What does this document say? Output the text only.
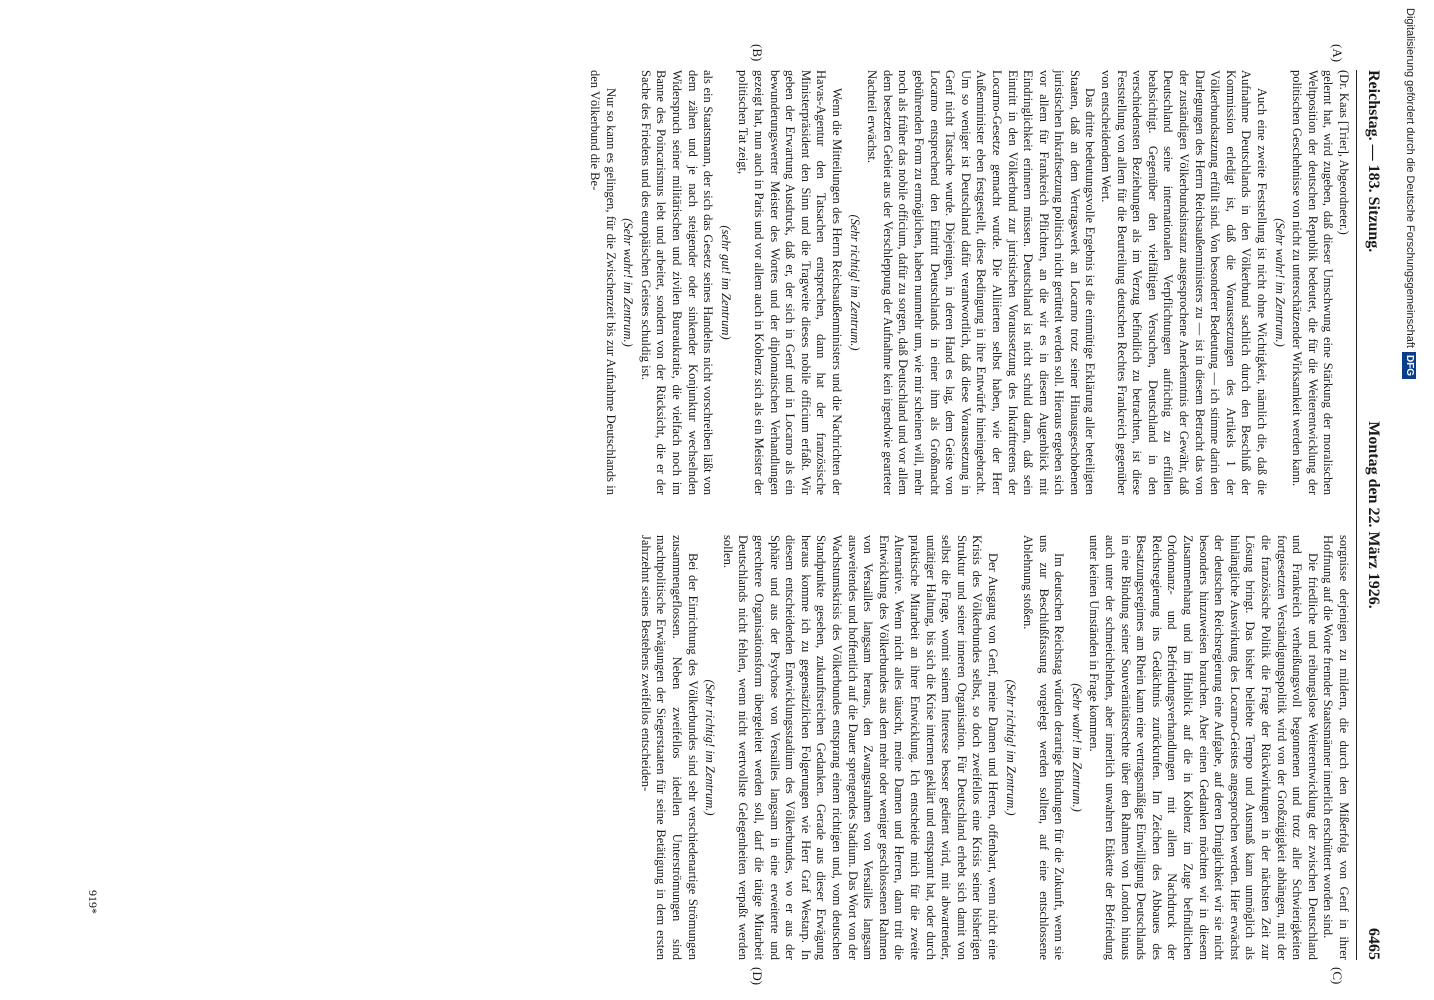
Reichstag. — 183. Sitzung.
Montag den 22. März 1926.
6465
(A)
(B)
(C)
(D)

(Dr. Kaas [Trier], Abgeordneter.)

gelernt hat, wird zugeben, daß dieser Umschwung eine Stärkung der moralischen Weltposition der deutschen Republik bedeutet, die für die Weiterentwicklung der politischen Geschehnisse von nicht zu unterschätzender Wirksamkeit werden kann.

(Sehr wahr! im Zentrum.)

Auch eine zweite Feststellung ist nicht ohne Wichtigkeit, nämlich die, daß die Aufnahme Deutschlands in den Völkerbund sachlich durch den Beschluß der Kommission erledigt ist, daß die Voraussetzungen des Artikels 1 der Völkerbundsatzung erfüllt sind. Von besonderer Bedeutung — ich stimme darin den Darlegungen des Herrn Reichsaußenministers zu — ist in diesem Betracht das von der zuständigen Völkerbundsinstanz ausgesprochene Anerkenntnis der Gewähr, daß Deutschland seine internationalen Verpflichtungen aufrichtig zu erfüllen beabsichtigt. Gegenüber den vielfältigen Versuchen, Deutschland in den verschiedensten Beziehungen als im Verzug befindlich zu betrachten, ist diese Feststellung von allem für die Beurteilung deutschen Rechtes Frankreich gegenüber von entscheidendem Wert.

Das dritte bedeutungsvolle Ergebnis ist die einmütige Erklärung aller beteiligten Staaten, daß an dem Vertragswerk an Locarno trotz seiner Hinausgeschobenen juristischen Inkraftsetzung politisch nicht gerüttelt werden soll. Hieraus ergeben sich vor allem für Frankreich Pflichten, an die wir es in diesem Augenblick mit Eindringlichkeit erinnern müssen. Deutschland ist nicht schuld daran, daß sein Eintritt in den Völkerbund zur juristischen Voraussetzung des Inkrafttretens der Locarno-Gesetze gemacht wurde. Die Alliierten selbst haben, wie der Herr Außenminister eben festgestellt, diese Bedingung in ihre Entwürfe hineingebracht. Um so weniger ist Deutschland dafür verantwortlich, daß diese Voraussetzung in Genf nicht Tatsache wurde. Diejenigen, in deren Hand es lag, dem Geiste von Locarno entsprechend den Eintritt Deutschlands in einer ihm als Großmacht gebührenden Form zu ermöglichen, haben nunmehr um, wie mir scheinen will, mehr noch als früher das nobile officium, dafür zu sorgen, daß Deutschland und vor allem dem besetzten Gebiet aus der Verschleppung der Aufnahme kein irgendwie gearteter Nachteil erwächst.

(Sehr richtig! im Zentrum.)

Wenn die Mitteilungen des Herrn Reichsaußenministers und die Nachrichten der Havas-Agentur den Tatsachen entsprechen, dann hat der französische Ministerpräsident den Sinn und die Tragweite dieses nobile officium erfaßt. Wir geben der Erwartung Ausdruck, daß er, der sich in Genf und in Locarno als ein bewunderungswerter Meister des Wortes und der diplomatischen Verhandlungen gezeigt hat, nun auch in Paris und vor allem auch in Koblenz sich als ein Meister der politischen Tat zeigt,

(sehr gut! im Zentrum)

als ein Staatsmann, der sich das Gesetz seines Handelns nicht vorschreiben läßt von dem zähen und je nach steigender oder sinkender Konjunktur wechselnden Widerspruch seiner militärischen und zivilen Bureaukratie, die vielfach noch im Banne des Poincarismus lebt und arbeitet, sondern von der Rücksicht, die er der Sache des Friedens und des europäischen Geistes schuldig ist.

(Sehr wahr! im Zentrum.)

Nur so kann es gelingen, für die Zwischenzeit bis zur Aufnahme Deutschlands in den Völkerbund die Be-

sorgnisse derjenigen zu mildern, die durch den Mißerfolg von Genf in ihrer Hoffnung auf die Worte fremder Staatsmänner innerlich erschüttert worden sind.

Die friedliche und reibungslose Weiterentwicklung der zwischen Deutschland und Frankreich verheißungsvoll begonnenen und trotz aller Schwierigkeiten fortgesetzten Verständigungspolitik wird von der Großzügigkeit abhängen, mit der die französische Politik die Frage der Rückwirkungen in der nächsten Zeit zur Lösung bringt. Das bisher beliebte Tempo und Ausmaß kann unmöglich als hinlängliche Auswirkung des Locarno-Geistes angesprochen werden. Hier erwächst der deutschen Reichsregierung eine Aufgabe, auf deren Dringlichkeit wir sie nicht besonders hinzuweisen brauchen. Aber einen Gedanken möchten wir in diesem Zusammenhang und im Hinblick auf die in Koblenz im Zuge befindlichen Ordonnanz- und Befriedungsverhandlungen mit allem Nachdruck der Reichsregierung ins Gedächtnis zurückrufen. Im Zeichen des Abbaues des Besatzungsregimes am Rhein kann eine vertragsmäßige Einwilligung Deutschlands in eine Bindung seiner Souveränitätsrechte über den Rahmen von London hinaus auch unter der schmeichelnden, aber innerlich unwahren Etikette der Befriedung unter keinen Umständen in Frage kommen.

(Sehr wahr! im Zentrum.)

Im deutschen Reichstag würden derartige Bindungen für die Zukunft, wenn sie uns zur Beschlußfassung vorgelegt werden sollten, auf eine entschlossene Ablehnung stoßen.

(Sehr richtig! im Zentrum.)

Der Ausgang von Genf, meine Damen und Herren, offenbart, wenn nicht eine Krisis des Völkerbundes selbst, so doch zweifellos eine Krisis seiner bisherigen Struktur und seiner inneren Organisation. Für Deutschland erhebt sich damit von selbst die Frage, womit seinem Interesse besser gedient wird, mit abwartender, untätiger Haltung, bis sich die Krise internen geklärt und entspannt hat, oder durch praktische Mitarbeit an ihrer Entwicklung. Ich entscheide mich für die zweite Alternative. Wenn nicht alles täuscht, meine Damen und Herren, dann tritt die Entwicklung des Völkerbundes aus dem mehr oder weniger geschlossenen Rahmen von Versailles langsam heraus, den Zwangsrahmen von Versailles langsam ausweitendes und hoffentlich auf die Dauer sprengendes Stadium. Das Wort von der Wachstumskrisis des Völkerbundes entsprang einem richtigen und, vom deutschen Standpunkte gesehen, zukunftsreichen Gedanken. Gerade aus dieser Erwägung heraus komme ich zu gegensätzlichen Folgerungen wie Herr Graf Westarp. In diesem entscheidenden Entwicklungsstadium des Völkerbundes, wo er aus der Sphäre und aus der Psychose von Versailles langsam in eine erweiterte und gerechtere Organisationsform übergeleitet werden soll, darf die tätige Mitarbeit Deutschlands nicht fehlen, wenn nicht wertvollste Gelegenheiten verpaßt werden sollen.

(Sehr richtig! im Zentrum.)

Bei der Einrichtung des Völkerbundes sind sehr verschiedenartige Strömungen zusammengeflossen. Neben zweifellos ideellen Unterströmungen sind machtpolitische Erwägungen der Siegerstaaten für seine Betätigung in dem ersten Jahrzehnt seines Bestehens zweifellos entscheiden-

919*
Digitalisierung gefördert durch die Deutsche ForschungsgemeinschaftDFG
